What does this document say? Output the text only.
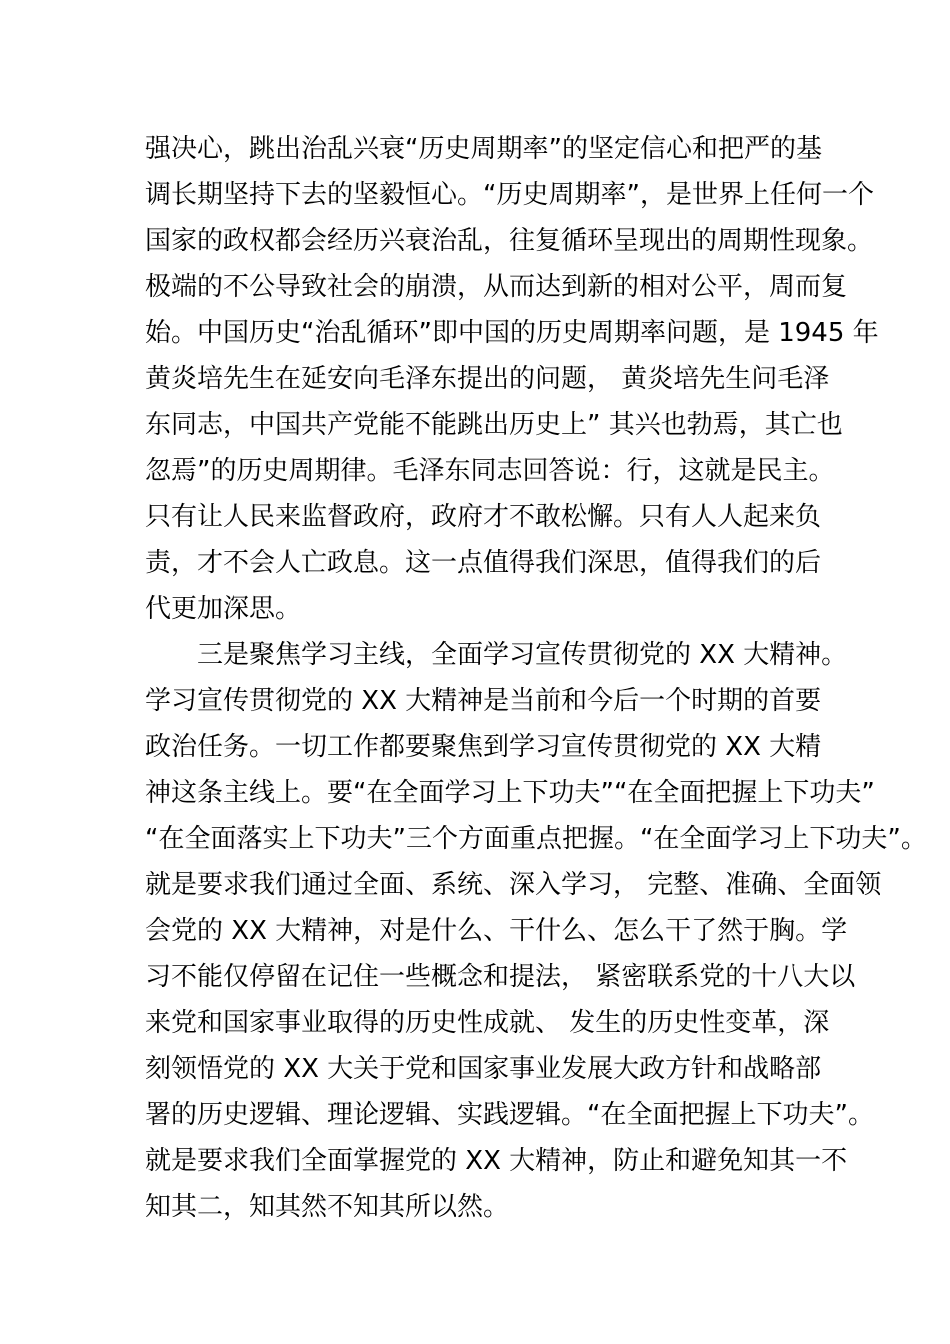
强决心，跳出治乱兴衰“历史周期率”的坚定信心和把严的基
调长期坚持下去的坚毅恒心。“历史周期率”，是世界上任何一个
国家的政权都会经历兴衰治乱，往复循环呈现出的周期性现象。
极端的不公导致社会的崩溃，从而达到新的相对公平，周而复
始。中国历史“治乱循环”即中国的历史周期率问题，是 1945 年
黄炎培先生在延安向毛泽东提出的问题， 黄炎培先生问毛泽
东同志，中国共产党能不能跳出历史上” 其兴也勃焉，其亡也
忽焉”的历史周期律。毛泽东同志回答说：行，这就是民主。
只有让人民来监督政府，政府才不敢松懈。只有人人起来负
责，才不会人亡政息。这一点值得我们深思，值得我们的后
代更加深思。
三是聚焦学习主线，全面学习宣传贯彻党的 XX 大精神。
学习宣传贯彻党的 XX 大精神是当前和今后一个时期的首要
政治任务。一切工作都要聚焦到学习宣传贯彻党的 XX 大精
神这条主线上。要“在全面学习上下功夫”“在全面把握上下功夫”
“在全面落实上下功夫”三个方面重点把握。“在全面学习上下功夫”。
就是要求我们通过全面、系统、深入学习， 完整、准确、全面领
会党的 XX 大精神，对是什么、干什么、怎么干了然于胸。学
习不能仅停留在记住一些概念和提法， 紧密联系党的十八大以
来党和国家事业取得的历史性成就、 发生的历史性变革，深
刻领悟党的 XX 大关于党和国家事业发展大政方针和战略部
署的历史逻辑、理论逻辑、实践逻辑。“在全面把握上下功夫”。
就是要求我们全面掌握党的 XX 大精神，防止和避免知其一不
知其二，知其然不知其所以然。
